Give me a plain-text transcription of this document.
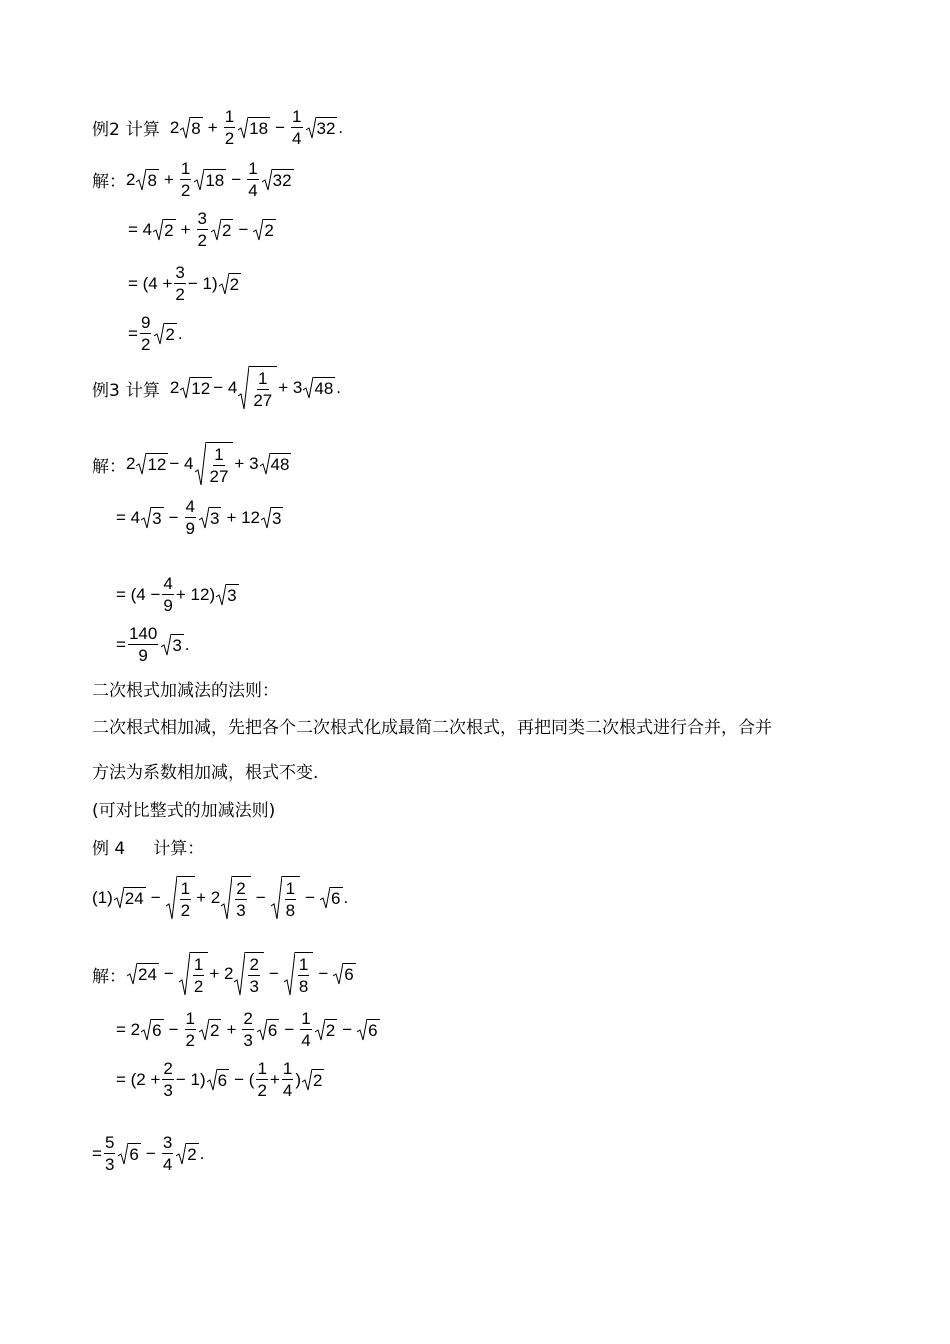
例2 计算 2 $8 + \frac{1}{2} 18 - \frac{1}{4} 32$ .
解： 2 $8 + \frac{1}{2} 18 - \frac{1}{4} 32$
= 4 $2 + \frac{3}{2} 2 - 2$
= $(4 + \frac{3}{2} - 1)$ 2
= $\frac{9}{2} 2$ .
例3 计算 2 $12 - 4 \frac{1}{27} + 3$ 48 .
解： 2 $12 - 4 \frac{1}{27} + 3$ 48
= 4 $3 - \frac{4}{9} 3 + 12$ 3
= $(4 - \frac{4}{9} + 12)$ 3
= $\frac{140}{9} 3$ .
二次根式加减法的法则：
二次根式相加减，先把各个二次根式化成最简二次根式，再把同类二次根式进行合并，合并
方法为系数相加减，根式不变.
(可对比整式的加减法则)
例 4 计算：
(1) $24 - \frac{1}{2} + 2 \frac{2}{3} - \frac{1}{8} - 6$ .
解： $24 - \frac{1}{2} + 2 \frac{2}{3} - \frac{1}{8} - 6$
= 2 $6 - \frac{1}{2} 2 + \frac{2}{3} 6 - \frac{1}{4} 2 - 6$
= $(2 + \frac{2}{3} - 1)$ 6 − ( $\frac{1}{2} + \frac{1}{4}$ ) 2
= $\frac{5}{3} 6 - \frac{3}{4} 2$ .
